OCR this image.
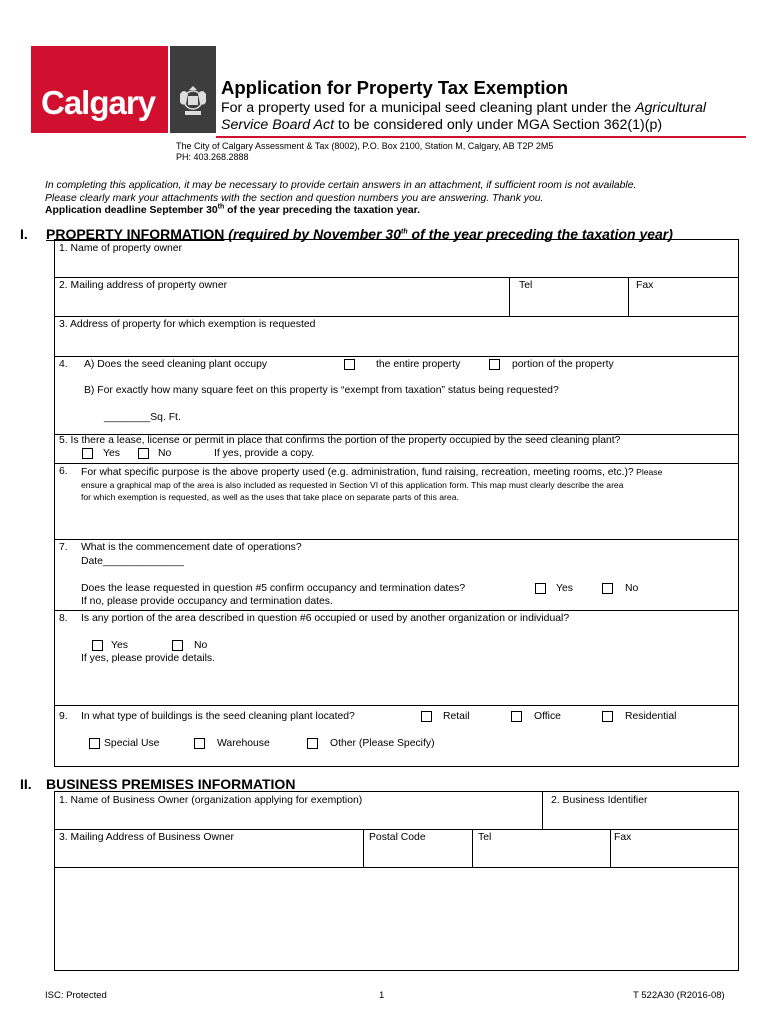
Calgary	Application for Property Tax Exemption
For a property used for a municipal seed cleaning plant under the Agricultural
Service Board Act to be considered only under MGA Section 362(1)(p)
The City of Calgary Assessment & Tax (8002), P.O. Box 2100, Station M, Calgary, AB T2P 2M5
PH: 403.268.2888
In completing this application, it may be necessary to provide certain answers in an attachment, if sufficient room is not available.
Please clearly mark your attachments with the section and question numbers you are answering. Thank you.
Application deadline September 30th of the year preceding the taxation year.
I. PROPERTY INFORMATION (required by November 30th of the year preceding the taxation year)
1. Name of property owner
2. Mailing address of property owner	Tel	Fax
3. Address of property for which exemption is requested
4. A) Does the seed cleaning plant occupy	the entire property	portion of the property
B) For exactly how many square feet on this property is “exempt from taxation” status being requested?
________Sq. Ft.
5. Is there a lease, license or permit in place that confirms the portion of the property occupied by the seed cleaning plant?
Yes	No	If yes, provide a copy.
6. For what specific purpose is the above property used (e.g. administration, fund raising, recreation, meeting rooms, etc.)? Please
ensure a graphical map of the area is also included as requested in Section VI of this application form. This map must clearly describe the area
for which exemption is requested, as well as the uses that take place on separate parts of this area.
7. What is the commencement date of operations?
Date______________
Does the lease requested in question #5 confirm occupancy and termination dates?	Yes	No
If no, please provide occupancy and termination dates.
8. Is any portion of the area described in question #6 occupied or used by another organization or individual?
Yes	No
If yes, please provide details.
9. In what type of buildings is the seed cleaning plant located?	Retail	Office	Residential
Special Use	Warehouse	Other (Please Specify)
II. BUSINESS PREMISES INFORMATION
1. Name of Business Owner (organization applying for exemption)	2. Business Identifier
3. Mailing Address of Business Owner	Postal Code	Tel	Fax
ISC: Protected	1	T 522A30 (R2016-08)
